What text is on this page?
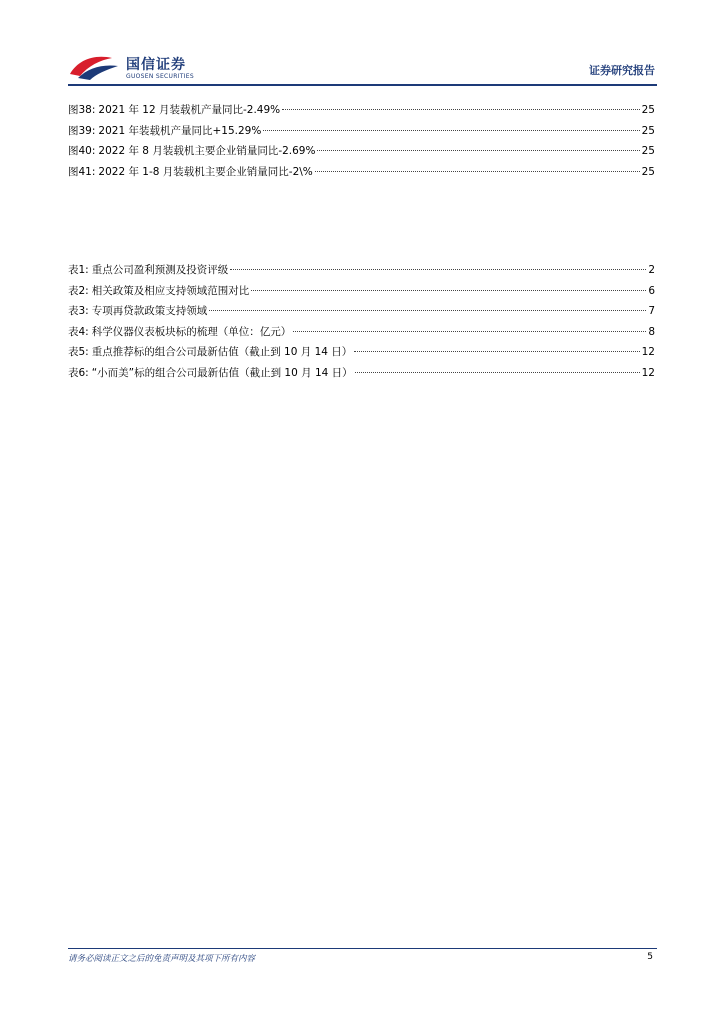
国信证券
GUOSEN SECURITIES	证券研究报告
图38: 2021 年 12 月装载机产量同比-2.49%	25
图39: 2021 年装载机产量同比+15.29%	25
图40: 2022 年 8 月装载机主要企业销量同比-2.69%	25
图41: 2022 年 1-8 月装载机主要企业销量同比-2\%	25
表1: 重点公司盈利预测及投资评级	2
表2: 相关政策及相应支持领域范围对比	6
表3: 专项再贷款政策支持领域	7
表4: 科学仪器仪表板块标的梳理（单位：亿元）	8
表5: 重点推荐标的组合公司最新估值（截止到 10 月 14 日）	12
表6: “小而美”标的组合公司最新估值（截止到 10 月 14 日）	12
请务必阅读正文之后的免责声明及其项下所有内容	5
